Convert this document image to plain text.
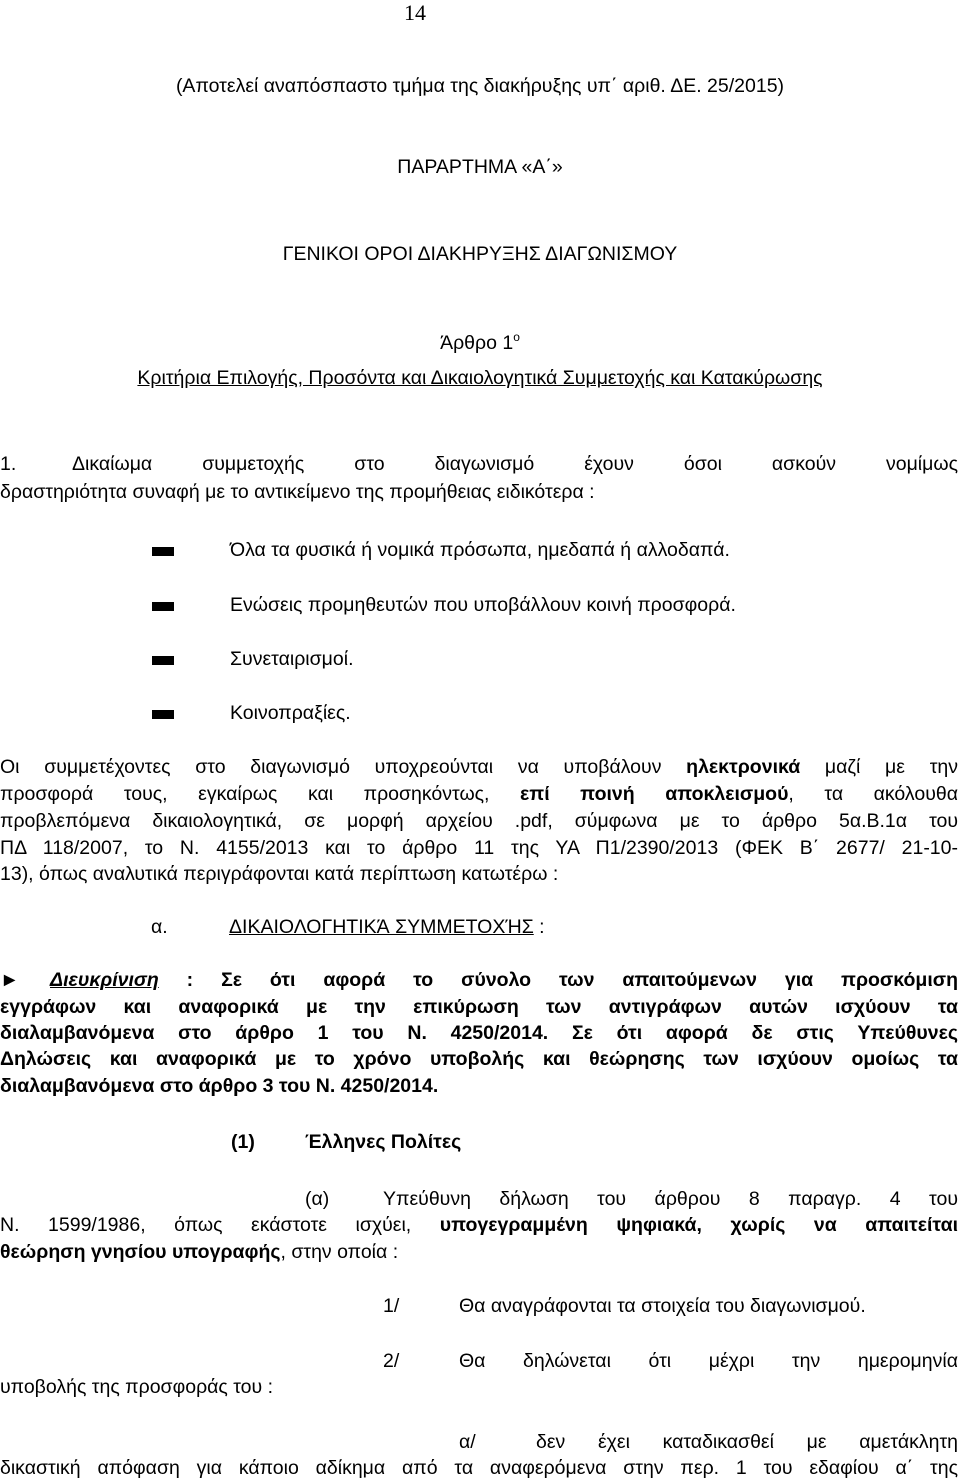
14
(Αποτελεί αναπόσπαστο τμήμα της διακήρυξης υπ΄ αριθ. ΔΕ. 25/2015)
ΠΑΡΑΡΤΗΜΑ «Α΄»
ΓΕΝΙΚΟΙ ΟΡΟΙ ΔΙΑΚΗΡΥΞΗΣ ΔΙΑΓΩΝΙΣΜΟΥ
Άρθρο $1^o$
Κριτήρια Επιλογής, Προσόντα και Δικαιολογητικά Συμμετοχής και Κατακύρωσης
1.	Δικαίωμα συμμετοχής στο διαγωνισμό έχουν όσοι ασκούν νομίμως
δραστηριότητα συναφή με το αντικείμενο της προμήθειας ειδικότερα :
Όλα τα φυσικά ή νομικά πρόσωπα, ημεδαπά ή αλλοδαπά.
Ενώσεις προμηθευτών που υποβάλλουν κοινή προσφορά.
Συνεταιρισμοί.
Κοινοπραξίες.
Οι συμμετέχοντες στο διαγωνισμό υποχρεούνται να υποβάλουν ηλεκτρονικά μαζί με την
προσφορά τους, εγκαίρως και προσηκόντως, επί ποινή αποκλεισμού, τα ακόλουθα
προβλεπόμενα δικαιολογητικά, σε μορφή αρχείου .pdf, σύμφωνα με το άρθρο 5α.Β.1α του
ΠΔ 118/2007, το Ν. 4155/2013 και το άρθρο 11 της ΥΑ Π1/2390/2013 (ΦΕΚ Β΄ 2677/ 21-10-
13), όπως αναλυτικά περιγράφονται κατά περίπτωση κατωτέρω :
α.	ΔΙΚΑΙΟΛΟΓΗΤΙΚΆ ΣΥΜΜΕΤΟΧΉΣ :
► Διευκρίνιση : Σε ότι αφορά το σύνολο των απαιτούμενων για προσκόμιση
εγγράφων και αναφορικά με την επικύρωση των αντιγράφων αυτών ισχύουν τα
διαλαμβανόμενα στο άρθρο 1 του Ν. 4250/2014. Σε ότι αφορά δε στις Υπεύθυνες
Δηλώσεις και αναφορικά με το χρόνο υποβολής και θεώρησης των ισχύουν ομοίως τα
διαλαμβανόμενα στο άρθρο 3 του Ν. 4250/2014.
(1)	Έλληνες Πολίτες
(α)	Υπεύθυνη δήλωση του άρθρου 8 παραγρ. 4 του
Ν. 1599/1986, όπως εκάστοτε ισχύει, υπογεγραμμένη ψηφιακά, χωρίς να απαιτείται
θεώρηση γνησίου υπογραφής, στην οποία :
1/	Θα αναγράφονται τα στοιχεία του διαγωνισμού.
2/	Θα δηλώνεται ότι μέχρι την ημερομηνία
υποβολής της προσφοράς του :
α/	δεν έχει καταδικασθεί με αμετάκλητη
δικαστική απόφαση για κάποιο αδίκημα από τα αναφερόμενα στην περ. 1 του εδαφίου α΄ της
